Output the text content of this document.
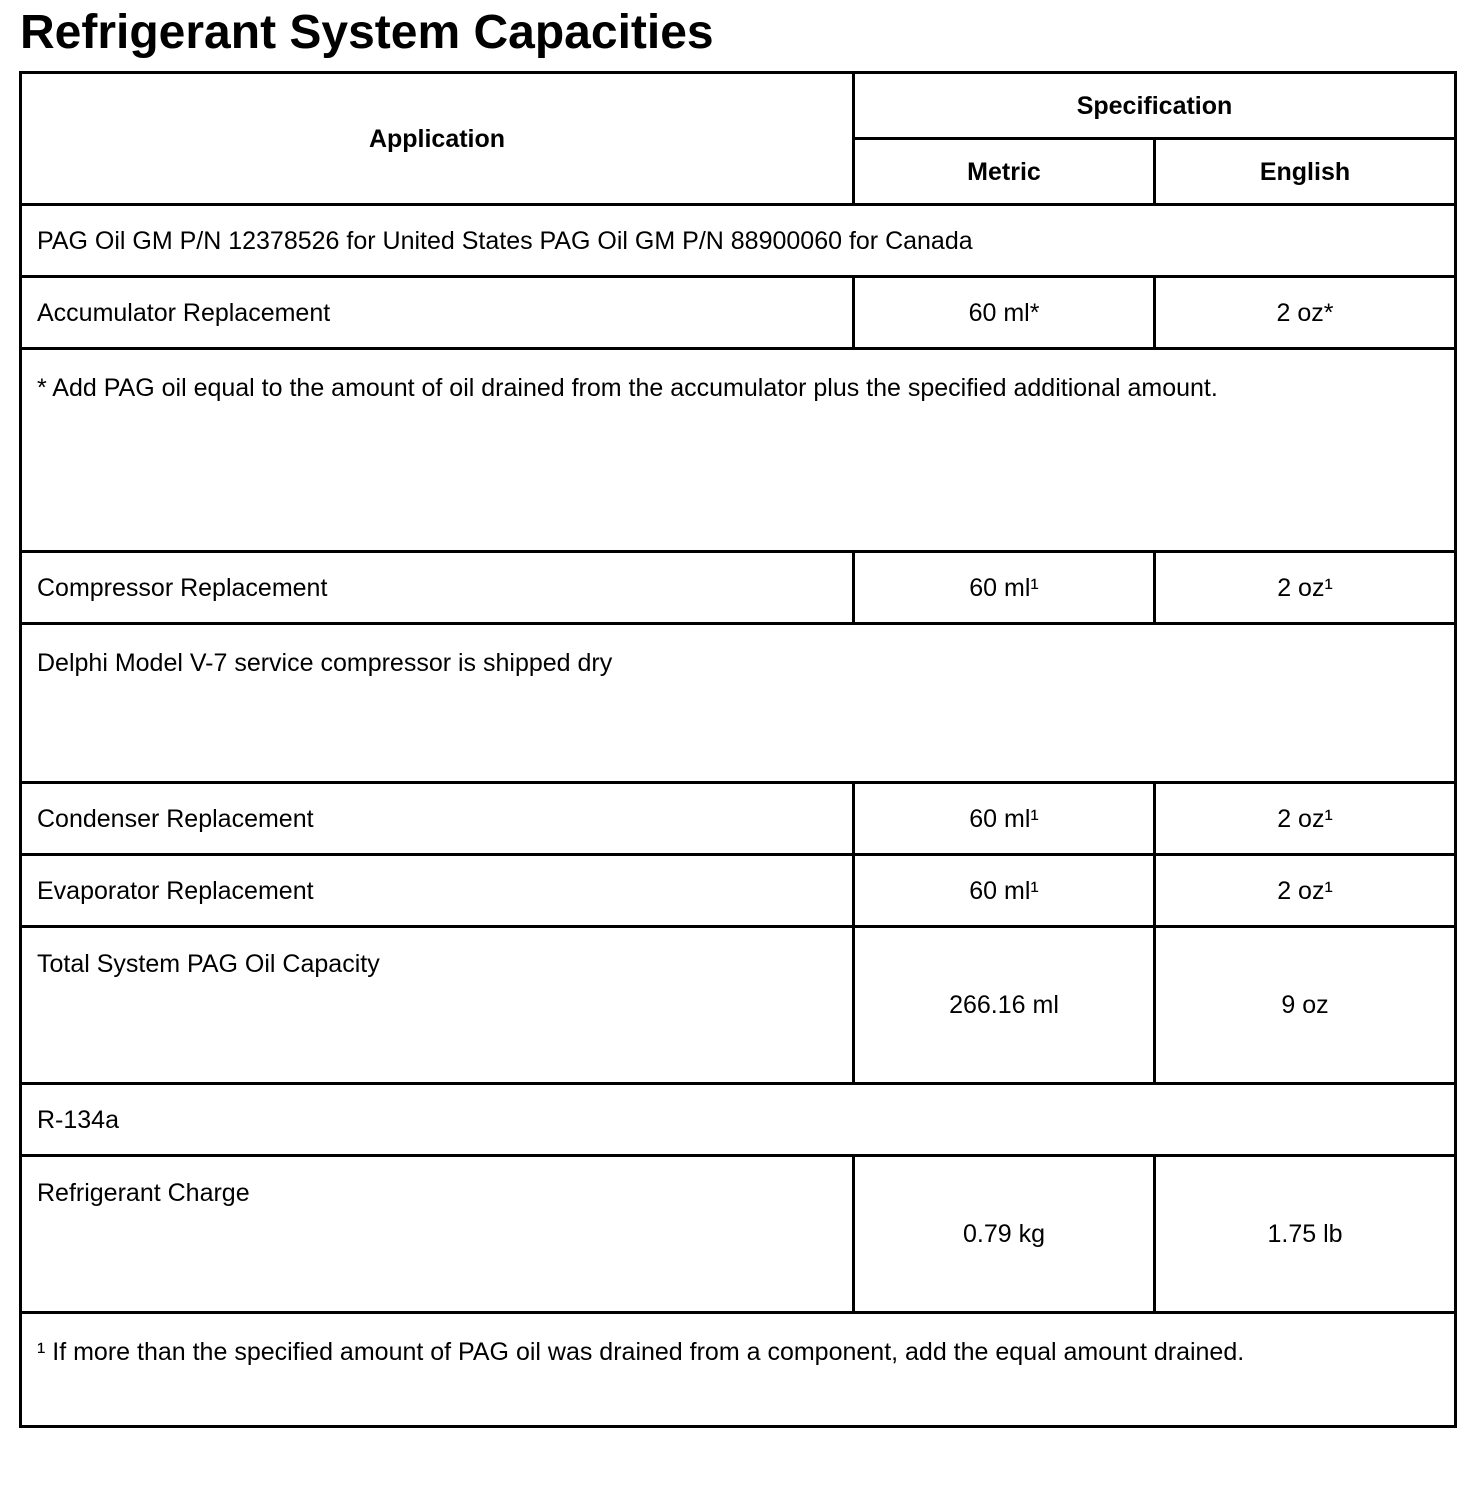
Refrigerant System Capacities
Application	Specification	
	Metric	English
PAG Oil GM P/N 12378526 for United States PAG Oil GM P/N 88900060 for Canada		
Accumulator Replacement	60 ml*	2 oz*
* Add PAG oil equal to the amount of oil drained from the accumulator plus the specified additional amount.		
Compressor Replacement	60 ml¹	2 oz¹
Delphi Model V-7 service compressor is shipped dry		
Condenser Replacement	60 ml¹	2 oz¹
Evaporator Replacement	60 ml¹	2 oz¹
Total System PAG Oil Capacity	266.16 ml	9 oz
R-134a		
Refrigerant Charge	0.79 kg	1.75 lb
¹ If more than the specified amount of PAG oil was drained from a component, add the equal amount drained.		
